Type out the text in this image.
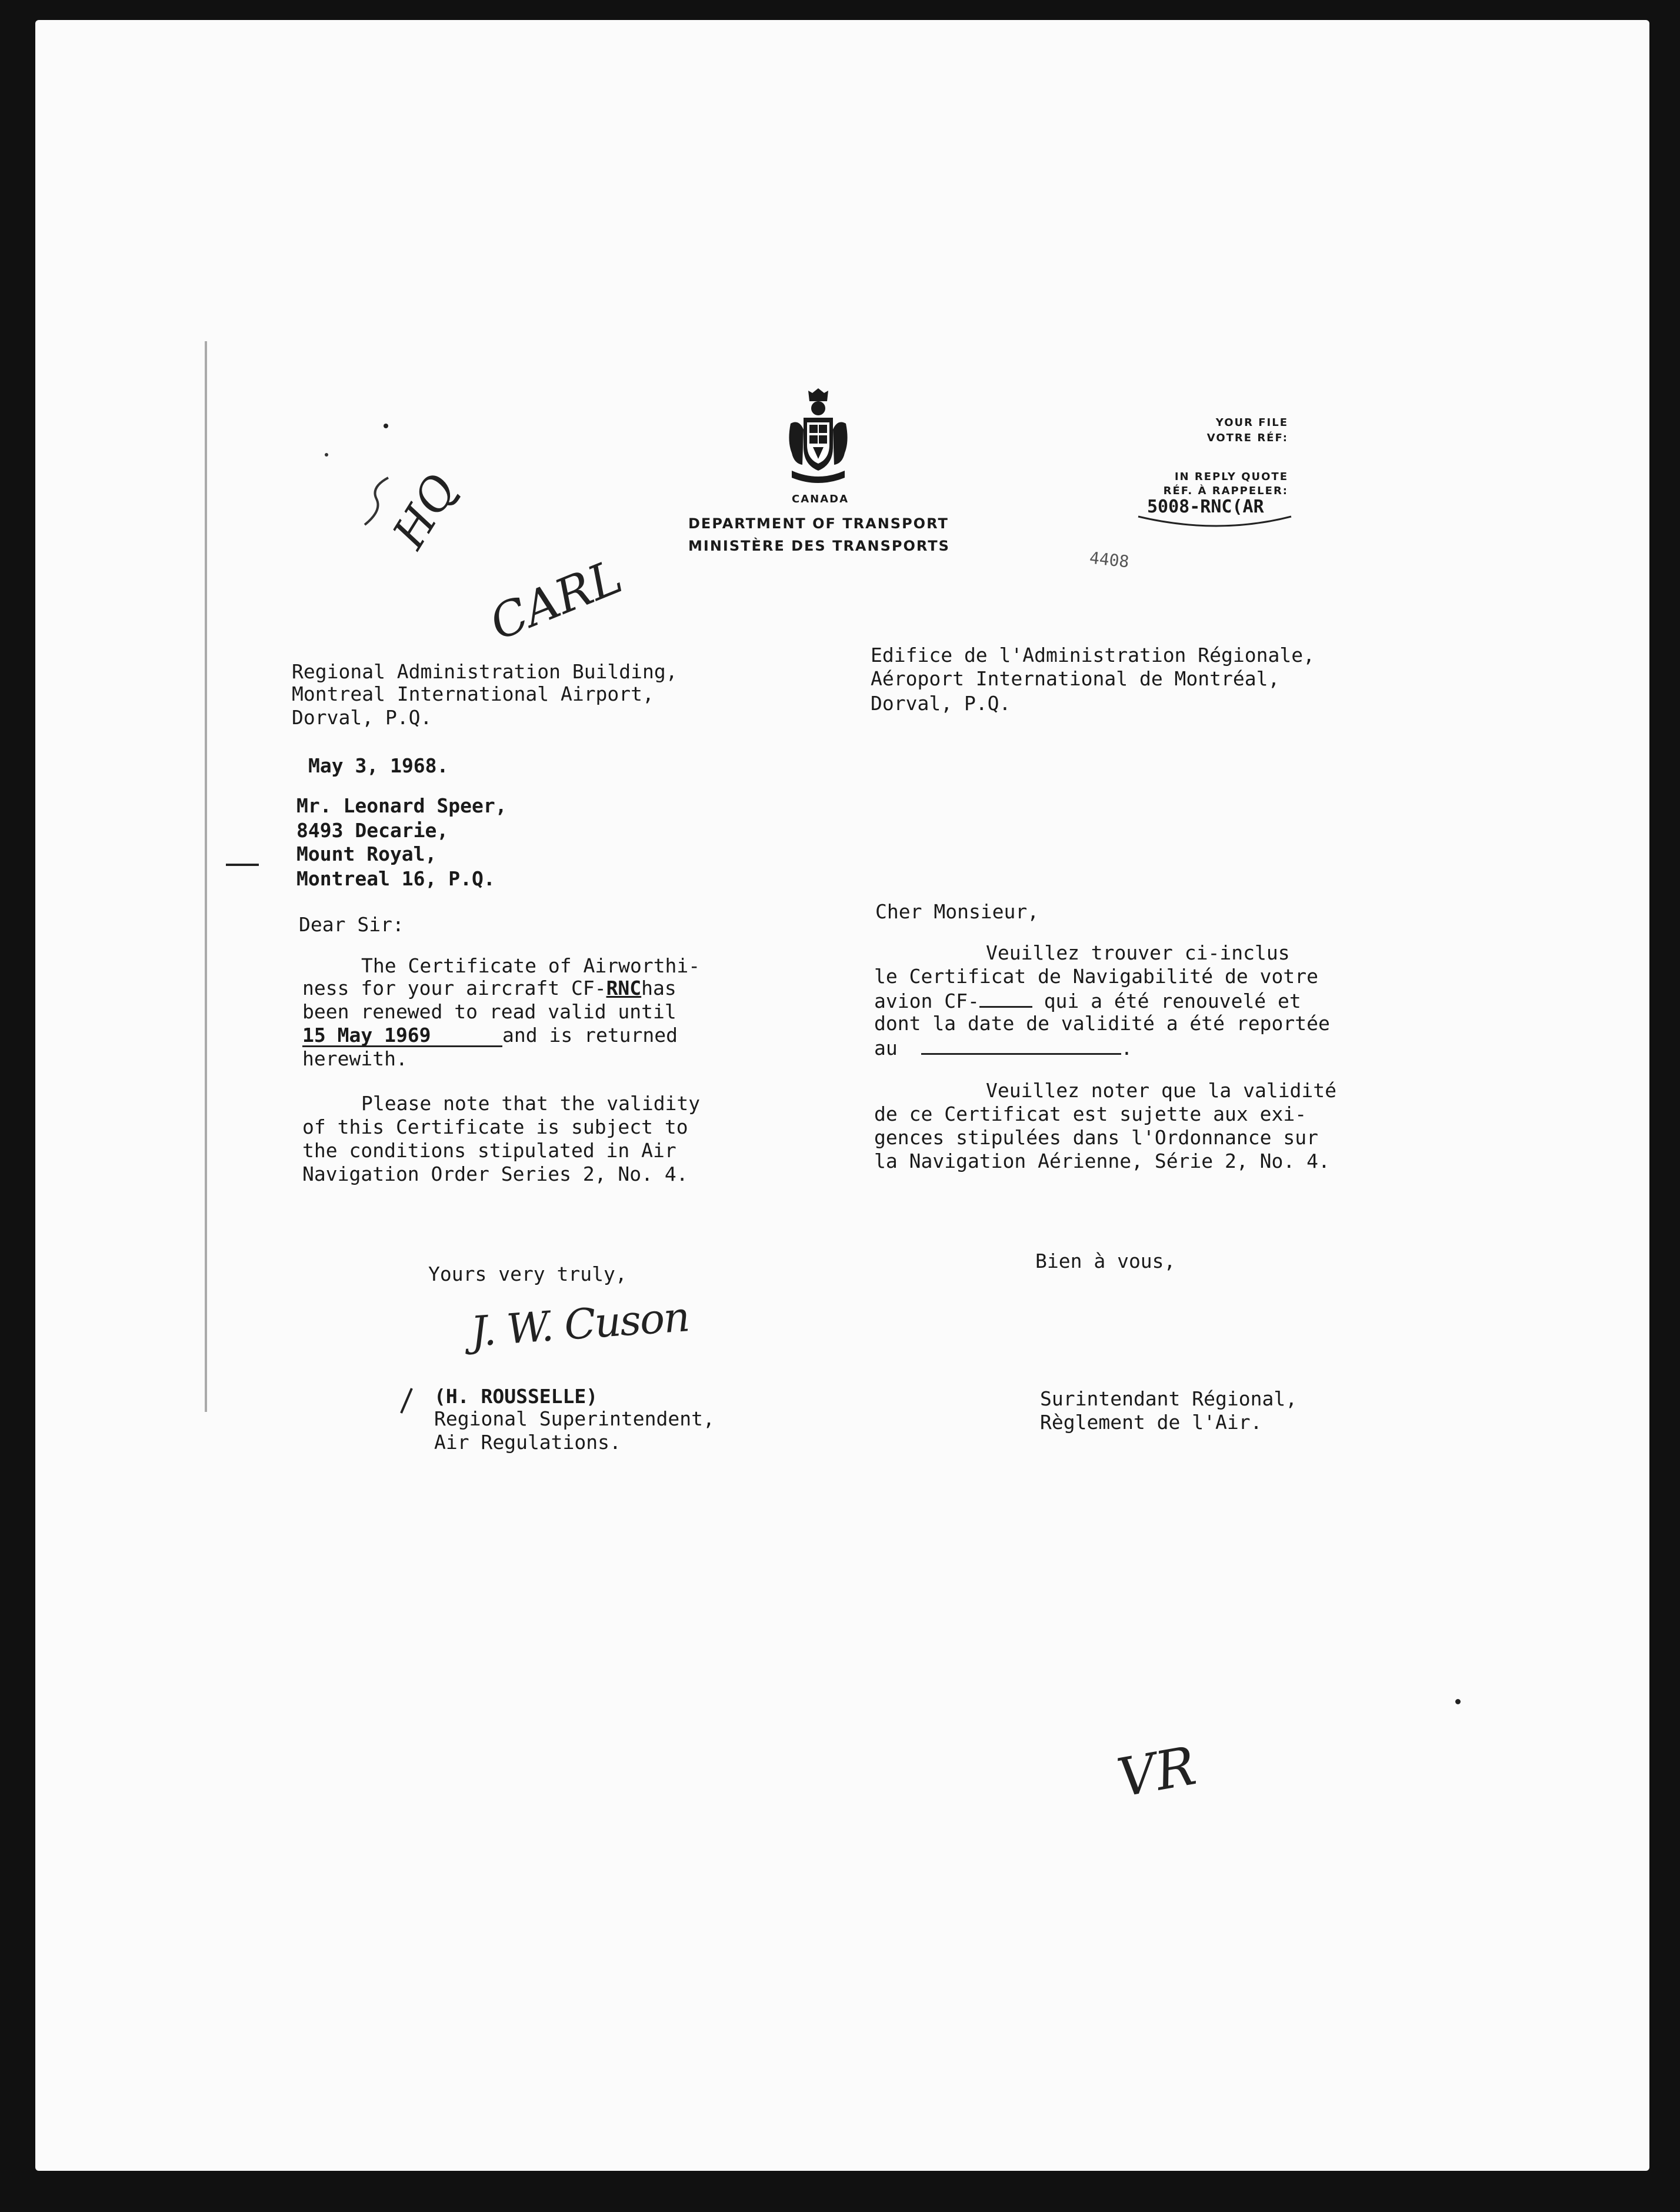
CANADA
DEPARTMENT OF TRANSPORT
MINISTÈRE DES TRANSPORTS
YOUR FILE
VOTRE RÉF:
IN REPLY QUOTE
RÉF. À RAPPELER:
5008-RNC(AR
4408
HQ
CARL
VR
Regional Administration Building,
Montreal International Airport,
Dorval, P.Q.
Edifice de l'Administration Régionale,
Aéroport International de Montréal,
Dorval, P.Q.
May 3, 1968.
Mr. Leonard Speer,
8493 Decarie,
Mount Royal,
Montreal 16, P.Q.
Dear Sir:
The Certificate of Airworthi-
ness for your aircraft CF-RNChas
been renewed to read valid until
15 May 1969	and is returned
herewith.
Please note that the validity
of this Certificate is subject to
the conditions stipulated in Air
Navigation Order Series 2, No. 4.
Yours very truly,
J. W. Cuson
(H. ROUSSELLE)
Regional Superintendent,
Air Regulations.
Cher Monsieur,
Veuillez trouver ci-inclus
le Certificat de Navigabilité de votre
avion CF-	qui a été renouvelé et
dont la date de validité a été reportée
au	.
Veuillez noter que la validité
de ce Certificat est sujette aux exi-
gences stipulées dans l'Ordonnance sur
la Navigation Aérienne, Série 2, No. 4.
Bien à vous,
Surintendant Régional,
Règlement de l'Air.
